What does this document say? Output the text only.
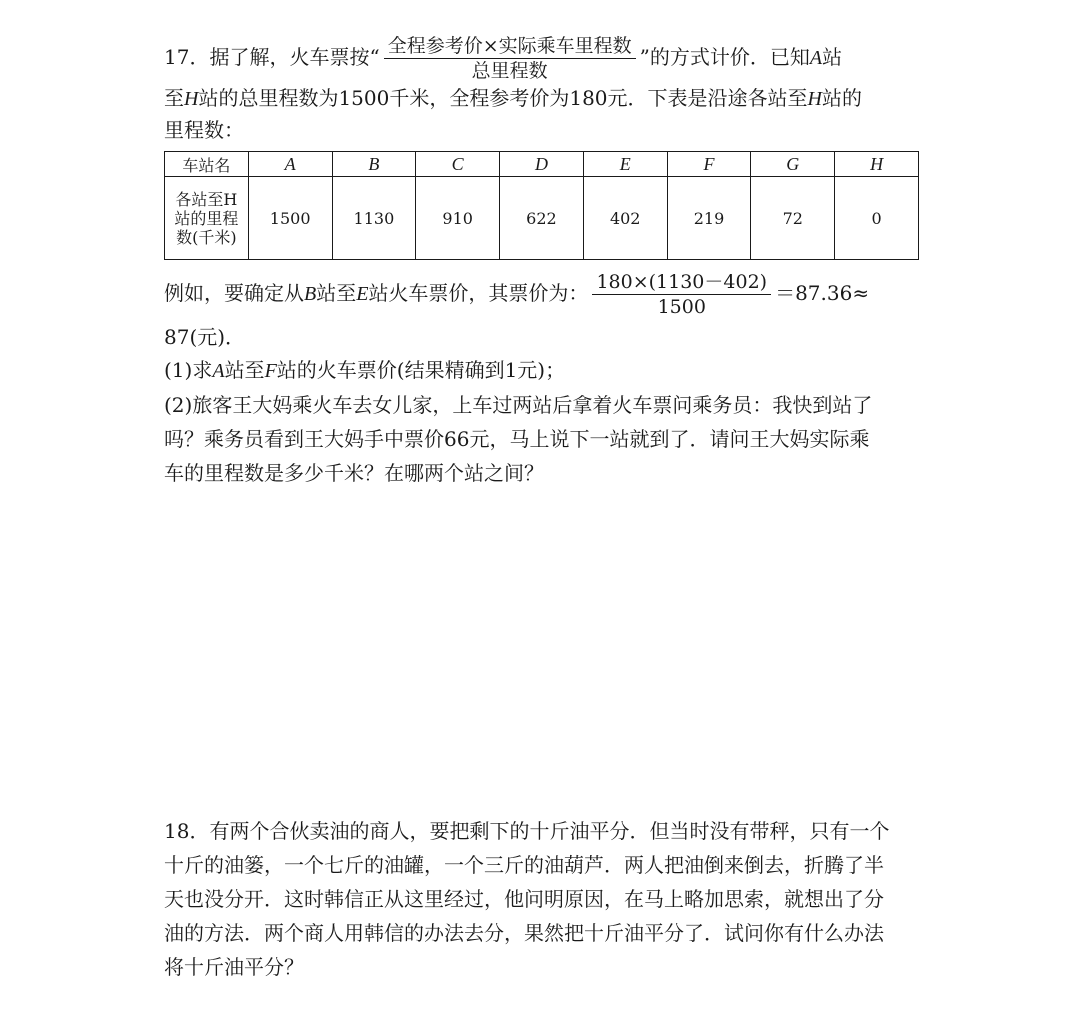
17．据了解，火车票按“ $\frac{\text{全程参考价×实际乘车里程数}}{\text{总里程数}}$ ”的方式计价．已知A站
至H站的总里程数为1500千米，全程参考价为180元．下表是沿途各站至H站的
里程数：
车站名	A	B	C	D	E	F	G	H

各站至H站的里程数(千米)	1500	1130	910	622	402	219	72	0
例如，要确定从B站至E站火车票价，其票价为： $\frac{180\times(1130-402)}{1500} =87.36\approx$
87(元)．
(1)求A站至F站的火车票价(结果精确到1元)；
(2)旅客王大妈乘火车去女儿家，上车过两站后拿着火车票问乘务员：我快到站了
吗？乘务员看到王大妈手中票价66元，马上说下一站就到了．请问王大妈实际乘
车的里程数是多少千米？在哪两个站之间？
18．有两个合伙卖油的商人，要把剩下的十斤油平分．但当时没有带秤，只有一个
十斤的油篓，一个七斤的油罐，一个三斤的油葫芦．两人把油倒来倒去，折腾了半
天也没分开．这时韩信正从这里经过，他问明原因，在马上略加思索，就想出了分
油的方法．两个商人用韩信的办法去分，果然把十斤油平分了．试问你有什么办法
将十斤油平分？
